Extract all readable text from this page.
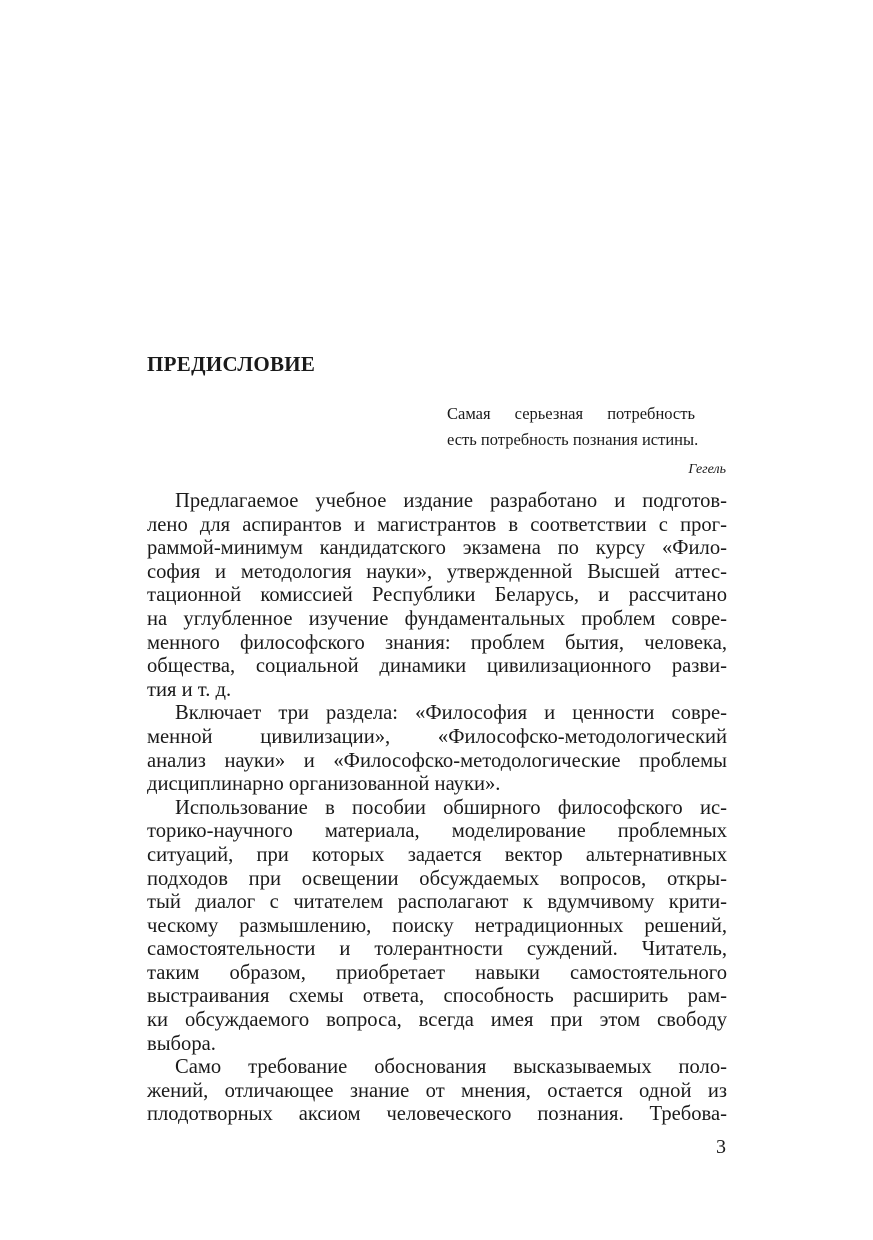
ПРЕДИСЛОВИЕ
Самая серьезная потребность
есть потребность познания истины.
Гегель
Предлагаемое учебное издание разработано и подготов-
лено для аспирантов и магистрантов в соответствии с прог-
раммой-минимум кандидатского экзамена по курсу «Фило-
софия и методология науки», утвержденной Высшей аттес-
тационной комиссией Республики Беларусь, и рассчитано
на углубленное изучение фундаментальных проблем совре-
менного философского знания: проблем бытия, человека,
общества, социальной динамики цивилизационного разви-
тия и т. д.
Включает три раздела: «Философия и ценности совре-
менной цивилизации», «Философско-методологический
анализ науки» и «Философско-методологические проблемы
дисциплинарно организованной науки».
Использование в пособии обширного философского ис-
торико-научного материала, моделирование проблемных
ситуаций, при которых задается вектор альтернативных
подходов при освещении обсуждаемых вопросов, откры-
тый диалог с читателем располагают к вдумчивому крити-
ческому размышлению, поиску нетрадиционных решений,
самостоятельности и толерантности суждений. Читатель,
таким образом, приобретает навыки самостоятельного
выстраивания схемы ответа, способность расширить рам-
ки обсуждаемого вопроса, всегда имея при этом свободу
выбора.
Само требование обоснования высказываемых поло-
жений, отличающее знание от мнения, остается одной из
плодотворных аксиом человеческого познания. Требова-
3
